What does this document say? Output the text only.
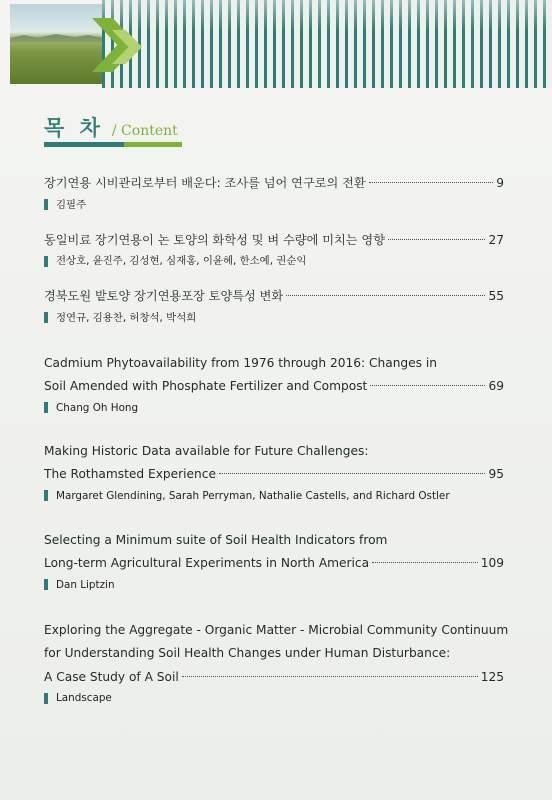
목 차 / Content
장기연용 시비관리로부터 배운다: 조사를 넘어 연구로의 전환	9
김필주
동일비료 장기연용이 논 토양의 화학성 및 벼 수량에 미치는 영향	27
전상호, 윤진주, 김성현, 심재홍, 이윤혜, 한소예, 권순익
경북도원 밭토양 장기연용포장 토양특성 변화	55
정연규, 김용찬, 허창석, 박석희
Cadmium Phytoavailability from 1976 through 2016: Changes in
Soil Amended with Phosphate Fertilizer and Compost	69
Chang Oh Hong
Making Historic Data available for Future Challenges:
The Rothamsted Experience	95
Margaret Glendining, Sarah Perryman, Nathalie Castells, and Richard Ostler
Selecting a Minimum suite of Soil Health Indicators from
Long-term Agricultural Experiments in North America	109
Dan Liptzin
Exploring the Aggregate - Organic Matter - Microbial Community Continuum
for Understanding Soil Health Changes under Human Disturbance:
A Case Study of A Soil	125
Landscape
